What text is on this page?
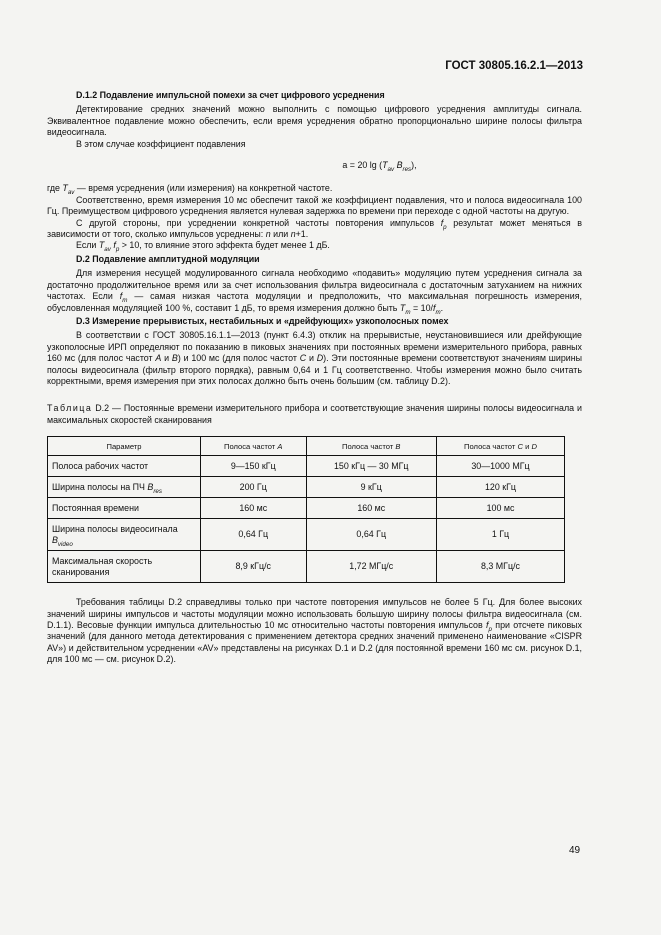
ГОСТ 30805.16.2.1—2013

D.1.2 Подавление импульсной помехи за счет цифрового усреднения

Детектирование средних значений можно выполнить с помощью цифрового усреднения амплитуды сигнала. Эквивалентное подавление можно обеспечить, если время усреднения обратно пропорционально ширине полосы фильтра видеосигнала.

В этом случае коэффициент подавления

a = 20 $\lg (T_{av}$ $B_{res}$),

где $T_{av}$ — время усреднения (или измерения) на конкретной частоте.

Соответственно, время измерения 10 мс обеспечит такой же коэффициент подавления, что и полоса видеосигнала 100 Гц. Преимуществом цифрового усреднения является нулевая задержка по времени при переходе с одной частоты на другую.

С другой стороны, при усреднении конкретной частоты повторения импульсов $f_p$ результат может меняться в зависимости от того, сколько импульсов усреднены: n или n+1.

Если $T_{av}$ $f_p > 10$, то влияние этого эффекта будет менее 1 дБ.

D.2 Подавление амплитудной модуляции

Для измерения несущей модулированного сигнала необходимо «подавить» модуляцию путем усреднения сигнала за достаточно продолжительное время или за счет использования фильтра видеосигнала с достаточным затуханием на нижних частотах. Если $f_m$ — самая низкая частота модуляции и предположить, что максимальная погрешность измерения, обусловленная модуляцией 100 %, составит 1 дБ, то время измерения должно быть $T_m = 10/f_m$.

D.3 Измерение прерывистых, нестабильных и «дрейфующих» узкополосных помех

В соответствии с ГОСТ 30805.16.1.1—2013 (пункт 6.4.3) отклик на прерывистые, неустановившиеся или дрейфующие узкополосные ИРП определяют по показанию в пиковых значениях при постоянных времени измерительного прибора, равных 160 мс (для полос частот A и B) и 100 мс (для полос частот C и D). Эти постоянные времени соответствуют значениям ширины полосы видеосигнала (фильтр второго порядка), равным 0,64 и 1 Гц соответственно. Чтобы измерения можно было считать корректными, время измерения при этих полосах должно быть очень большим (см. таблицу D.2).

Таблица D.2 — Постоянные времени измерительного прибора и соответствующие значения ширины полосы видеосигнала и максимальных скоростей сканирования

Параметр	Полоса частот A	Полоса частот B	Полоса частот C и D
Полоса рабочих частот	9—150 кГц	150 кГц — 30 МГц	30—1000 МГц
Ширина полосы на ПЧ $B_{res}$	200 Гц	9 кГц	120 кГц
Постоянная времени	160 мс	160 мс	100 мс
Ширина полосы видеосигнала $B_{video}$	0,64 Гц	0,64 Гц	1 Гц
Максимальная скорость сканирования	8,9 кГц/с	1,72 МГц/с	8,3 МГц/с

Требования таблицы D.2 справедливы только при частоте повторения импульсов не более 5 Гц. Для более высоких значений ширины импульсов и частоты модуляции можно использовать большую ширину полосы фильтра видеосигнала (см. D.1.1). Весовые функции импульса длительностью 10 мс относительно частоты повторения импульсов $f_p$ при отсчете пиковых значений (для данного метода детектирования с применением детектора средних значений применено наименование «CISPR AV») и действительном усреднении «AV» представлены на рисунках D.1 и D.2 (для постоянной времени 160 мс см. рисунок D.1, для 100 мс — см. рисунок D.2).

49
